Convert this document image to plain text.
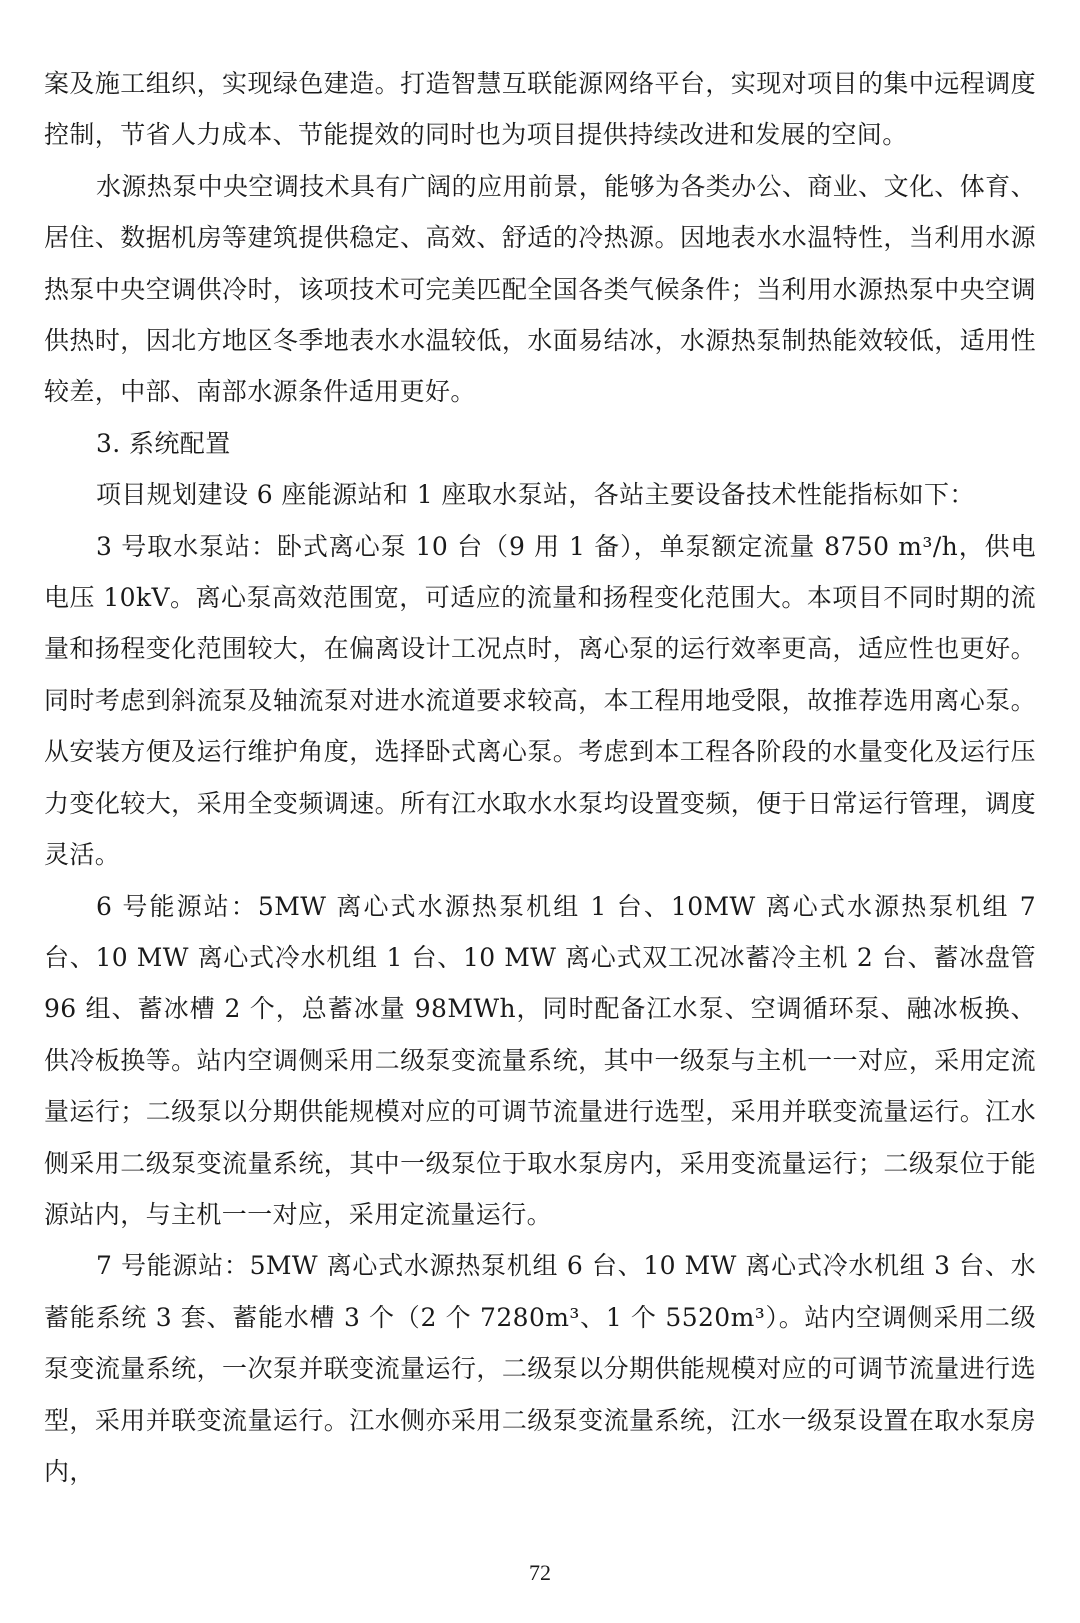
案及施工组织，实现绿色建造。打造智慧互联能源网络平台，实现对项目的集中远程调度控制，节省人力成本、节能提效的同时也为项目提供持续改进和发展的空间。

水源热泵中央空调技术具有广阔的应用前景，能够为各类办公、商业、文化、体育、居住、数据机房等建筑提供稳定、高效、舒适的冷热源。因地表水水温特性，当利用水源热泵中央空调供冷时，该项技术可完美匹配全国各类气候条件；当利用水源热泵中央空调供热时，因北方地区冬季地表水水温较低，水面易结冰，水源热泵制热能效较低，适用性较差，中部、南部水源条件适用更好。

3. 系统配置

项目规划建设 6 座能源站和 1 座取水泵站，各站主要设备技术性能指标如下：

3 号取水泵站：卧式离心泵 10 台（9 用 1 备），单泵额定流量 8750 m³/h，供电电压 10kV。离心泵高效范围宽，可适应的流量和扬程变化范围大。本项目不同时期的流量和扬程变化范围较大，在偏离设计工况点时，离心泵的运行效率更高，适应性也更好。同时考虑到斜流泵及轴流泵对进水流道要求较高，本工程用地受限，故推荐选用离心泵。从安装方便及运行维护角度，选择卧式离心泵。考虑到本工程各阶段的水量变化及运行压力变化较大，采用全变频调速。所有江水取水水泵均设置变频，便于日常运行管理，调度灵活。

6 号能源站：5MW 离心式水源热泵机组 1 台、10MW 离心式水源热泵机组 7 台、10 MW 离心式冷水机组 1 台、10 MW 离心式双工况冰蓄冷主机 2 台、蓄冰盘管 96 组、蓄冰槽 2 个，总蓄冰量 98MWh，同时配备江水泵、空调循环泵、融冰板换、供冷板换等。站内空调侧采用二级泵变流量系统，其中一级泵与主机一一对应，采用定流量运行；二级泵以分期供能规模对应的可调节流量进行选型，采用并联变流量运行。江水侧采用二级泵变流量系统，其中一级泵位于取水泵房内，采用变流量运行；二级泵位于能源站内，与主机一一对应，采用定流量运行。

7 号能源站：5MW 离心式水源热泵机组 6 台、10 MW 离心式冷水机组 3 台、水蓄能系统 3 套、蓄能水槽 3 个（2 个 7280m³、1 个 5520m³）。站内空调侧采用二级泵变流量系统，一次泵并联变流量运行，二级泵以分期供能规模对应的可调节流量进行选型，采用并联变流量运行。江水侧亦采用二级泵变流量系统，江水一级泵设置在取水泵房内，

72
